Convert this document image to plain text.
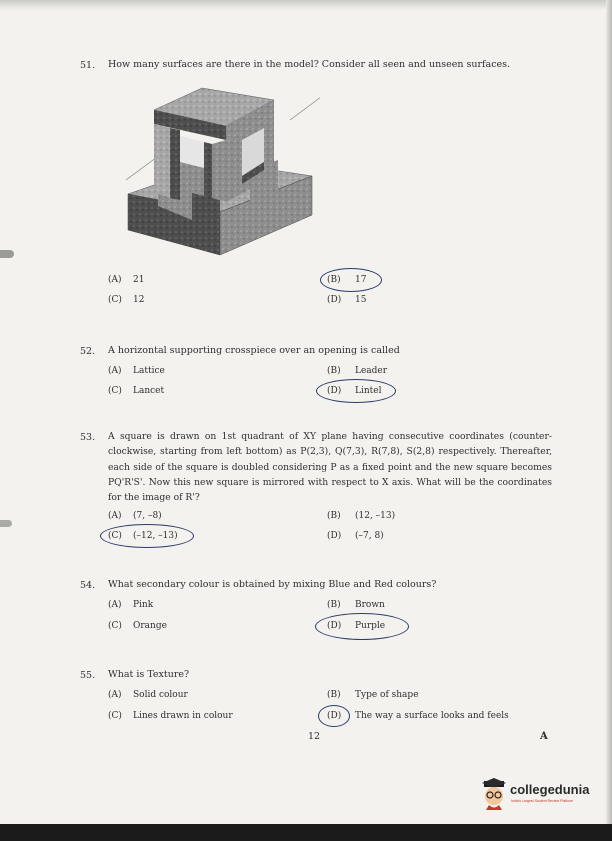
51. How many surfaces are there in the model? Consider all seen and unseen surfaces.
(A) 21	(B) 17
(C) 12	(D) 15
52. A horizontal supporting crosspiece over an opening is called
(A) Lattice	(B) Leader
(C) Lancet	(D) Lintel
53. A square is drawn on 1st quadrant of XY plane having consecutive coordinates (counter-clockwise, starting from left bottom) as P(2,3), Q(7,3), R(7,8), S(2,8) respectively. Thereafter, each side of the square is doubled considering P as a fixed point and the new square becomes PQ'R'S'. Now this new square is mirrored with respect to X axis. What will be the coordinates for the image of R'?
(A) (7, –8)	(B) (12, –13)
(C) (–12, –13)	(D) (–7, 8)
54. What secondary colour is obtained by mixing Blue and Red colours?
(A) Pink	(B) Brown
(C) Orange	(D) Purple
55. What is Texture?
(A) Solid colour	(B) Type of shape
(C) Lines drawn in colour	(D) The way a surface looks and feels
12	A
collegedunia
India's Largest Student Review Platform
